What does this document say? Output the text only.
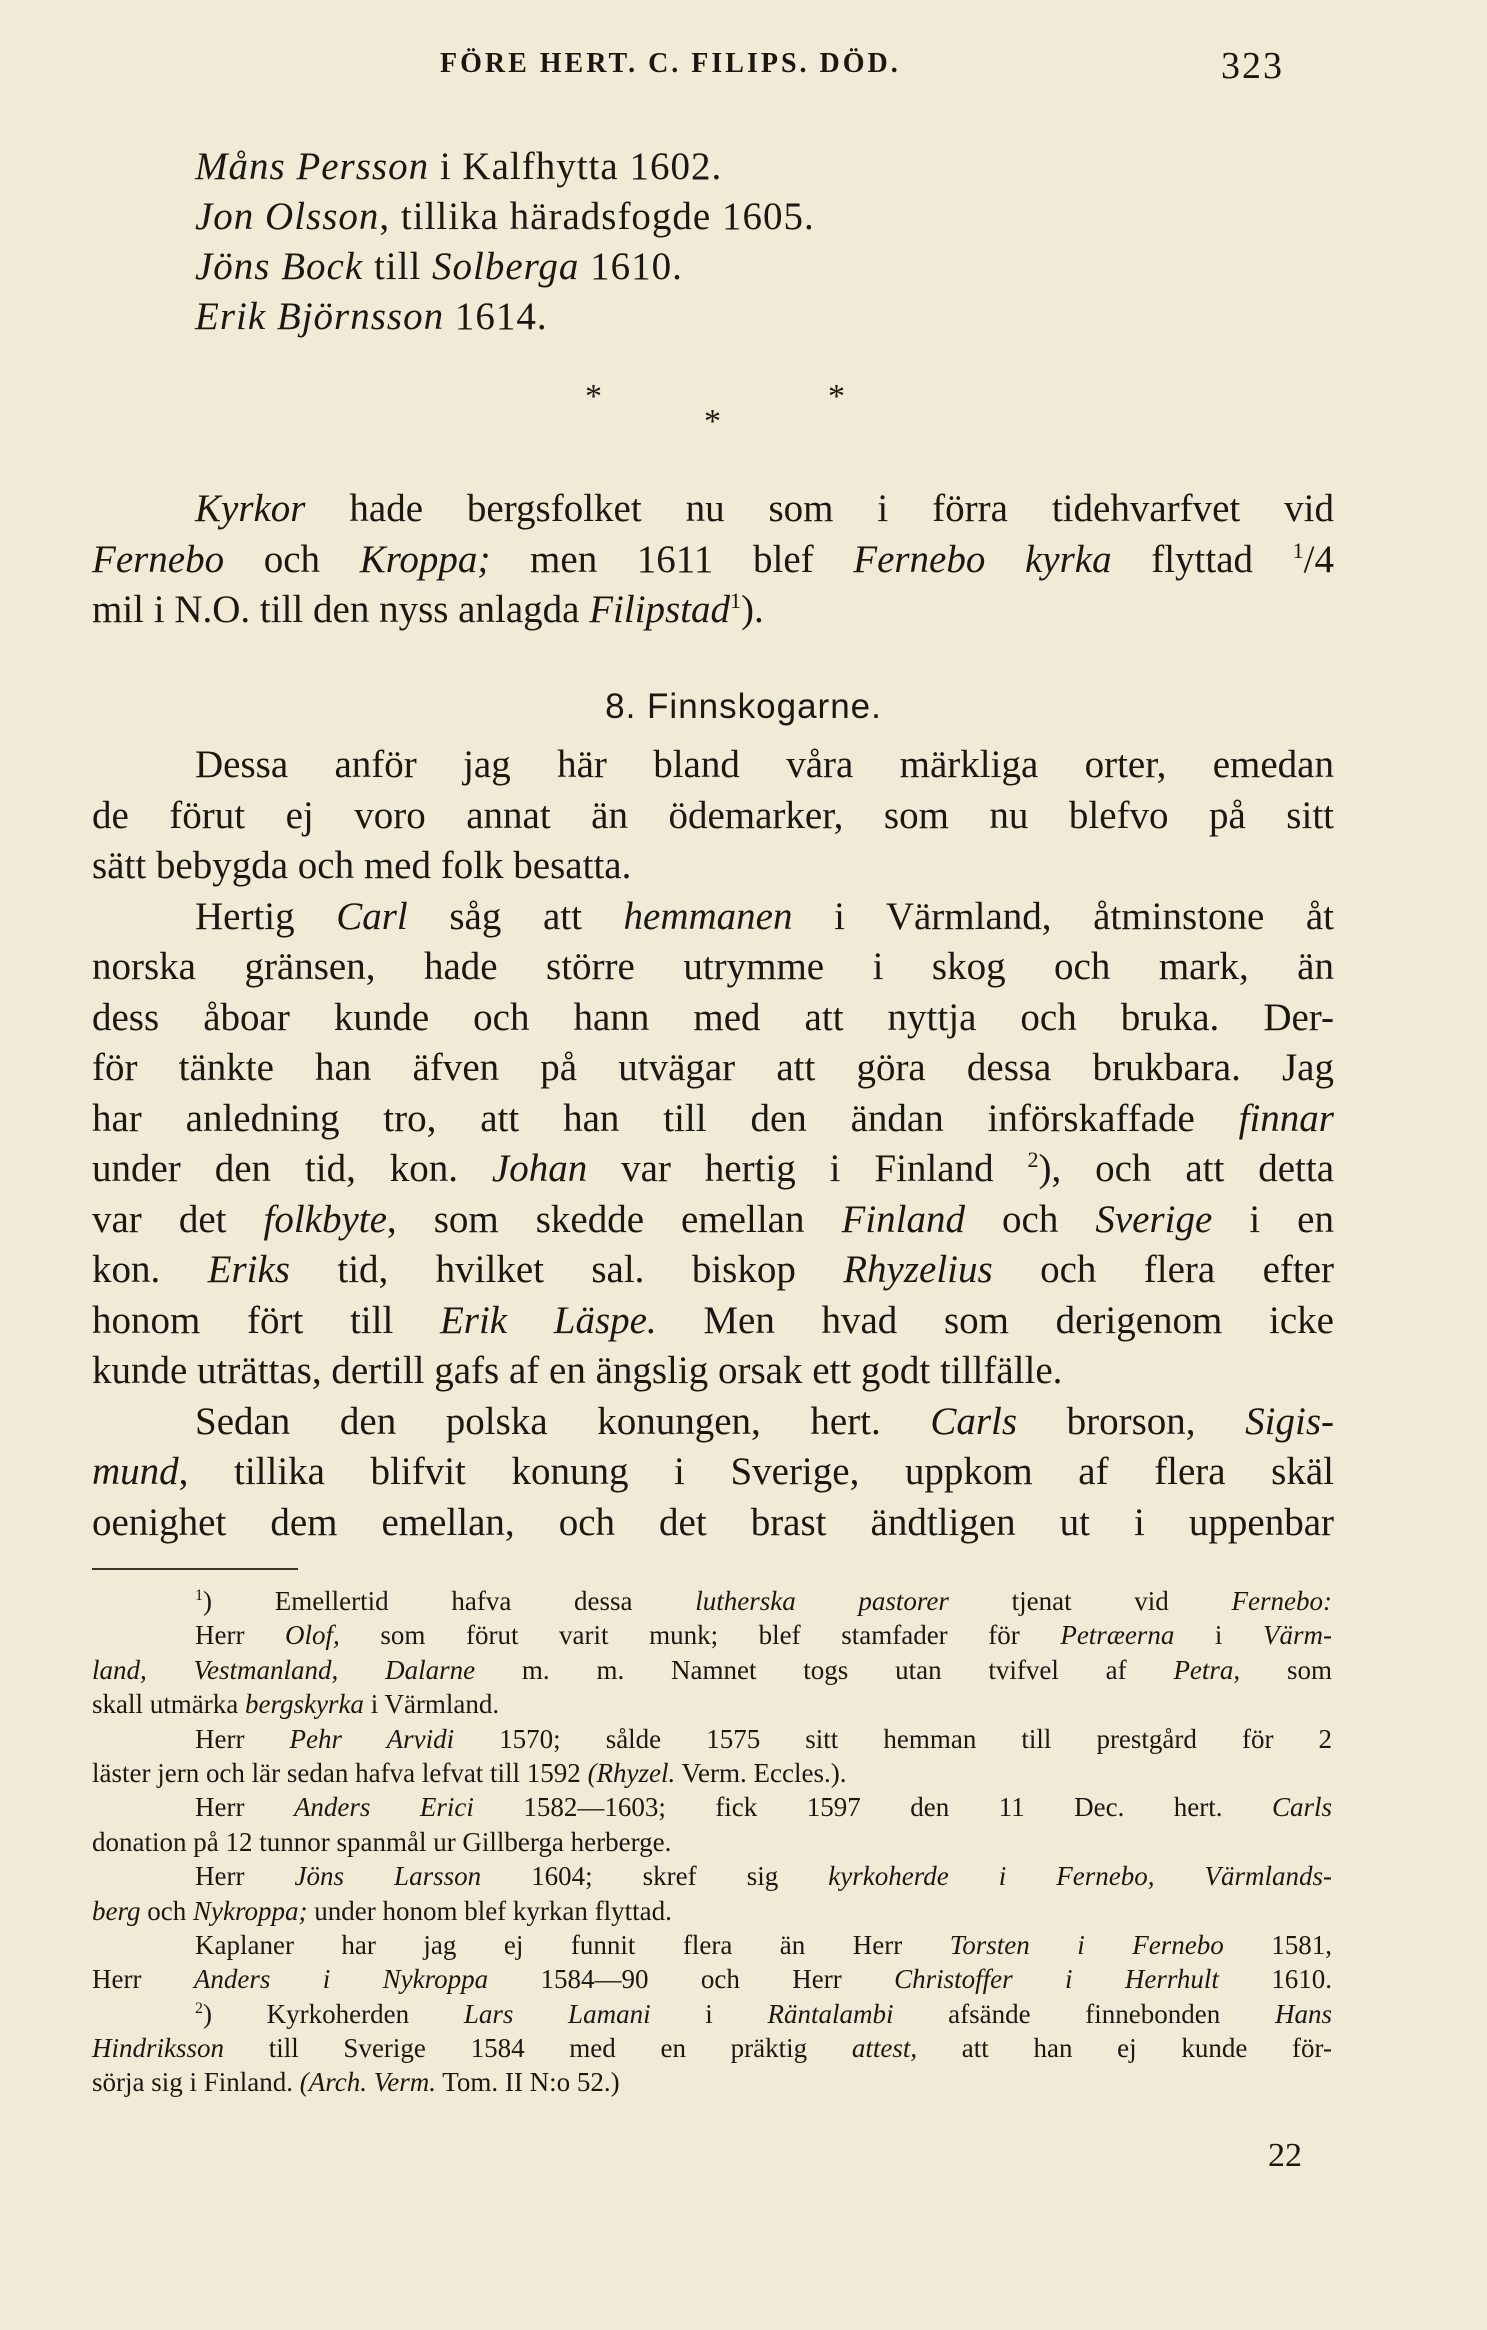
FÖRE HERT. C. FILIPS. DÖD.	323
Måns Persson i Kalfhytta 1602.
Jon Olsson, tillika häradsfogde 1605.
Jöns Bock till Solberga 1610.
Erik Björnsson 1614.
*	*
*
Kyrkor hade bergsfolket nu som i förra tidehvarfvet vid
Fernebo och Kroppa; men 1611 blef Fernebo kyrka flyttad $^1$/4
mil i N.O. till den nyss anlagda Filipstad$^1$).
8. Finnskogarne.
Dessa anför jag här bland våra märkliga orter, emedan
de förut ej voro annat än ödemarker, som nu blefvo på sitt
sätt bebygda och med folk besatta.
Hertig Carl såg att hemmanen i Värmland, åtminstone åt
norska gränsen, hade större utrymme i skog och mark, än
dess åboar kunde och hann med att nyttja och bruka. Der-
för tänkte han äfven på utvägar att göra dessa brukbara. Jag
har anledning tro, att han till den ändan införskaffade finnar
under den tid, kon. Johan var hertig i Finland $^2$), och att detta
var det folkbyte, som skedde emellan Finland och Sverige i en
kon. Eriks tid, hvilket sal. biskop Rhyzelius och flera efter
honom fört till Erik Läspe. Men hvad som derigenom icke
kunde uträttas, dertill gafs af en ängslig orsak ett godt tillfälle.
Sedan den polska konungen, hert. Carls brorson, Sigis-
mund, tillika blifvit konung i Sverige, uppkom af flera skäl
oenighet dem emellan, och det brast ändtligen ut i uppenbar
$^1$) Emellertid hafva dessa lutherska pastorer tjenat vid Fernebo:
Herr Olof, som förut varit munk; blef stamfader för Petræerna i Värm-
land, Vestmanland, Dalarne m. m. Namnet togs utan tvifvel af Petra, som
skall utmärka bergskyrka i Värmland.
Herr Pehr Arvidi 1570; sålde 1575 sitt hemman till prestgård för 2
läster jern och lär sedan hafva lefvat till 1592 (Rhyzel. Verm. Eccles.).
Herr Anders Erici 1582—1603; fick 1597 den 11 Dec. hert. Carls
donation på 12 tunnor spanmål ur Gillberga herberge.
Herr Jöns Larsson 1604; skref sig kyrkoherde i Fernebo, Värmlands-
berg och Nykroppa; under honom blef kyrkan flyttad.
Kaplaner har jag ej funnit flera än Herr Torsten i Fernebo 1581,
Herr Anders i Nykroppa 1584—90 och Herr Christoffer i Herrhult 1610.
$^2$) Kyrkoherden Lars Lamani i Räntalambi afsände finnebonden Hans
Hindriksson till Sverige 1584 med en präktig attest, att han ej kunde för-
sörja sig i Finland. (Arch. Verm. Tom. II N:o 52.)
22
